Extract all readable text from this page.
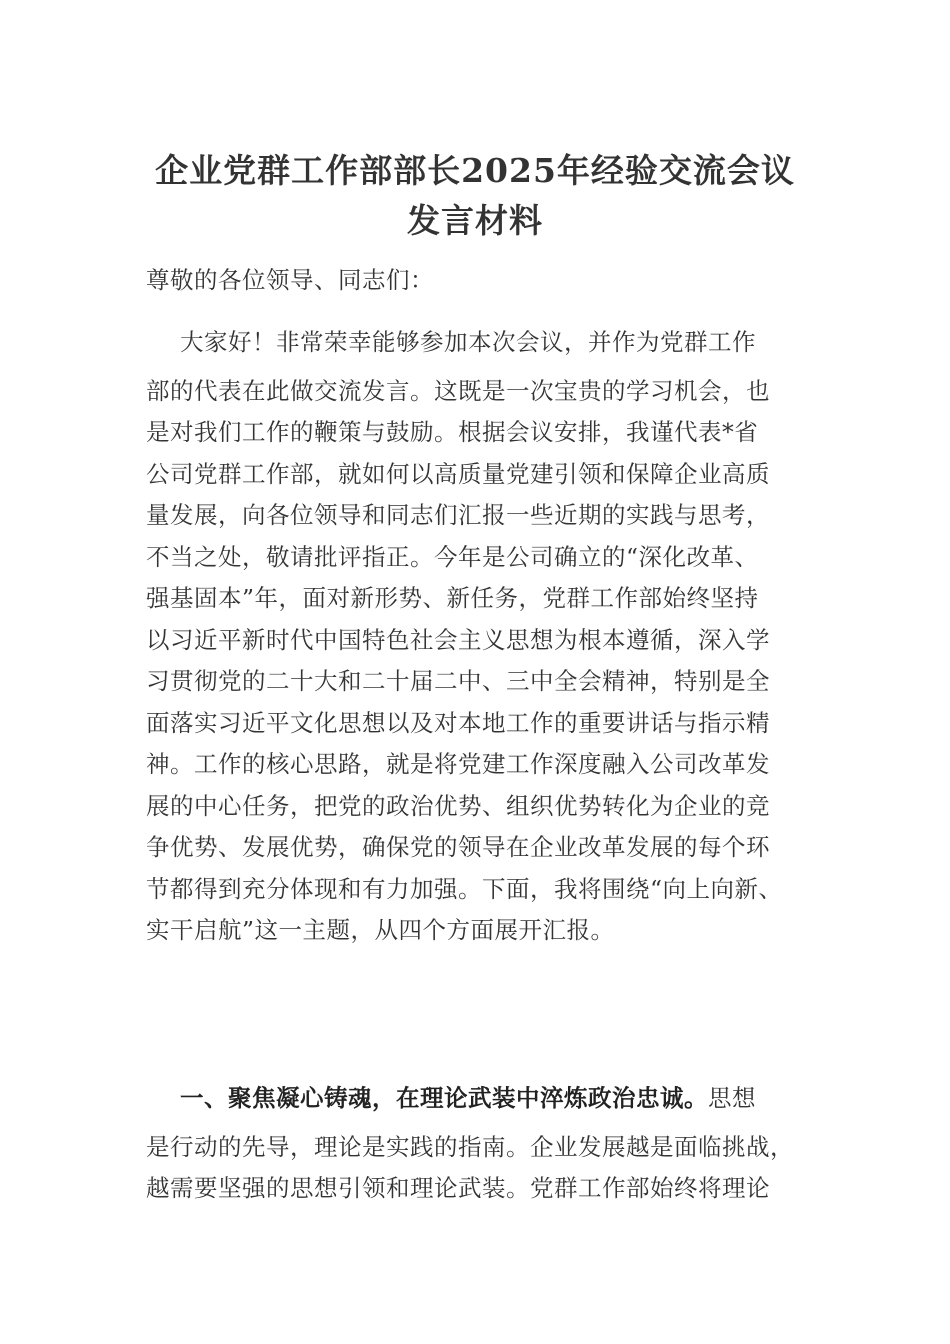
企业党群工作部部长2025年经验交流会议
发言材料
尊敬的各位领导、同志们：
大家好！非常荣幸能够参加本次会议，并作为党群工作
部的代表在此做交流发言。这既是一次宝贵的学习机会，也
是对我们工作的鞭策与鼓励。根据会议安排，我谨代表*省
公司党群工作部，就如何以高质量党建引领和保障企业高质
量发展，向各位领导和同志们汇报一些近期的实践与思考，
不当之处，敬请批评指正。今年是公司确立的“深化改革、
强基固本”年，面对新形势、新任务，党群工作部始终坚持
以习近平新时代中国特色社会主义思想为根本遵循，深入学
习贯彻党的二十大和二十届二中、三中全会精神，特别是全
面落实习近平文化思想以及对本地工作的重要讲话与指示精
神。工作的核心思路，就是将党建工作深度融入公司改革发
展的中心任务，把党的政治优势、组织优势转化为企业的竞
争优势、发展优势，确保党的领导在企业改革发展的每个环
节都得到充分体现和有力加强。下面，我将围绕“向上向新、
实干启航”这一主题，从四个方面展开汇报。
一、聚焦凝心铸魂，在理论武装中淬炼政治忠诚。思想
是行动的先导，理论是实践的指南。企业发展越是面临挑战，
越需要坚强的思想引领和理论武装。党群工作部始终将理论
